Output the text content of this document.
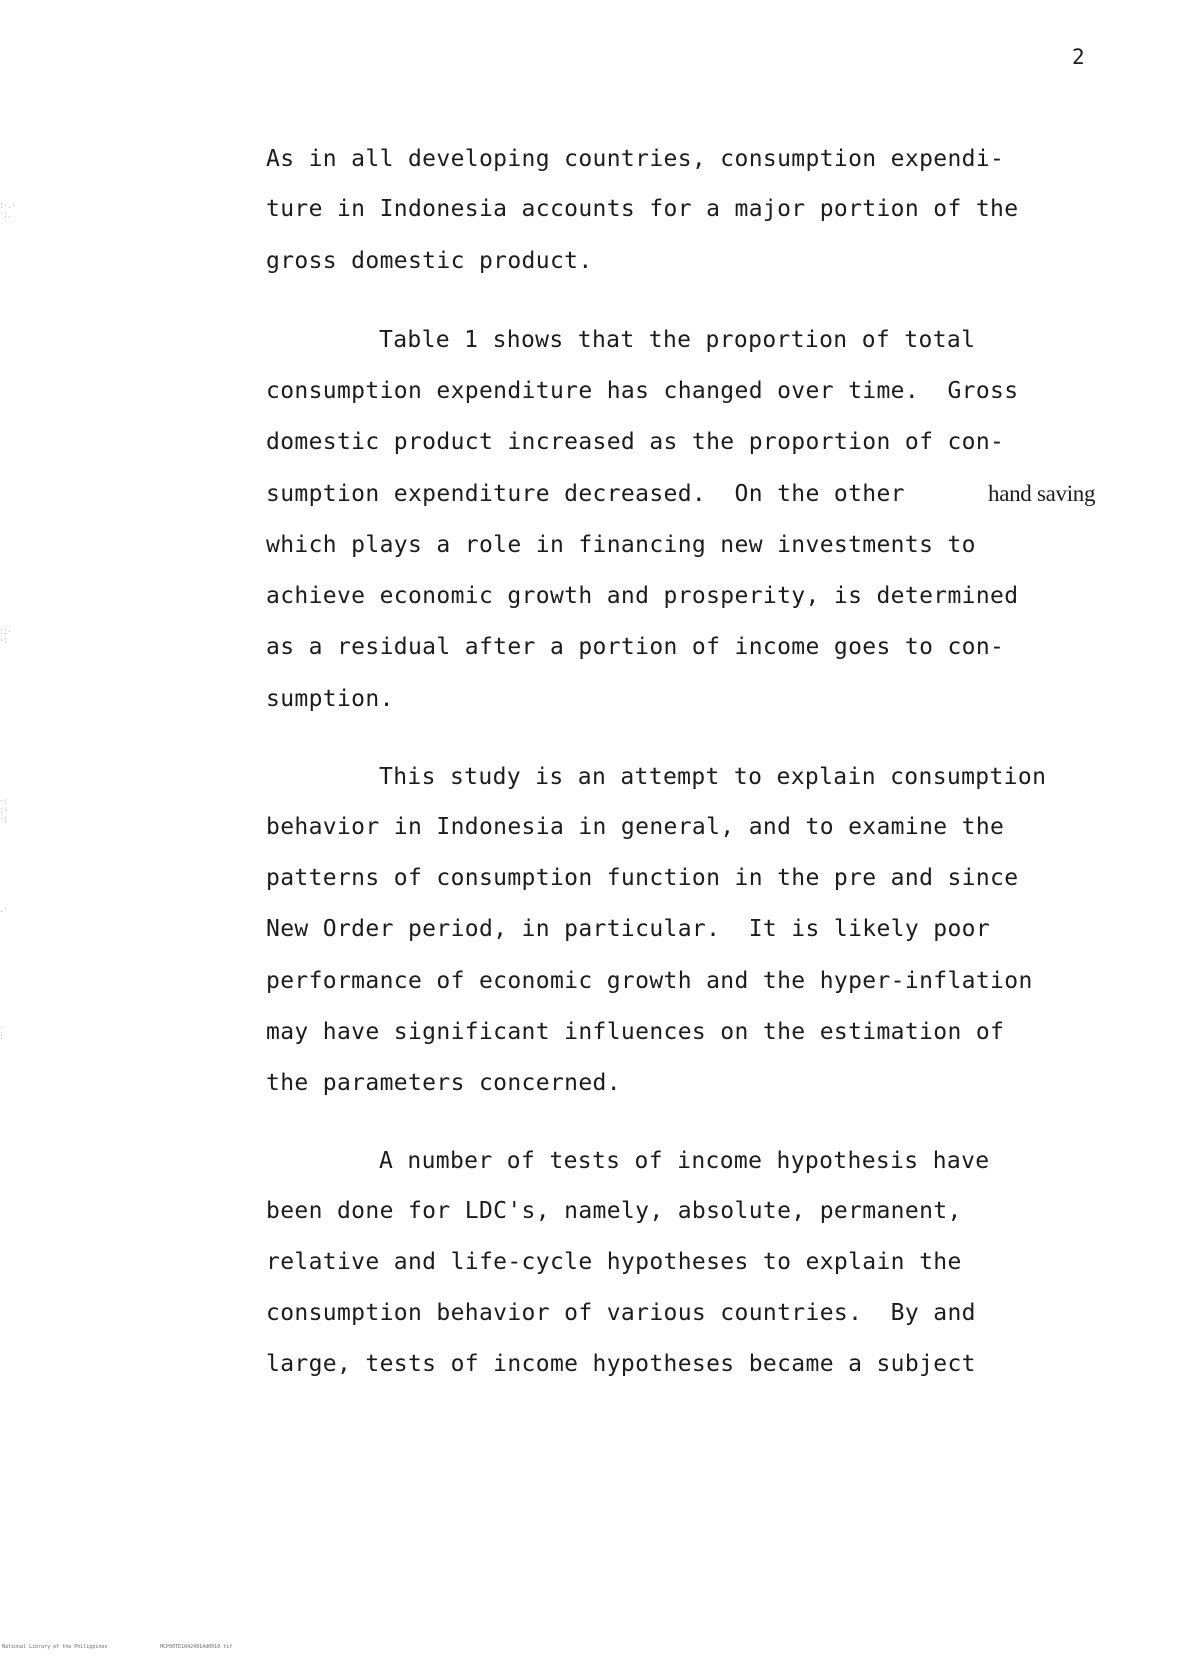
2
As in all developing countries, consumption expendi-
ture in Indonesia accounts for a major portion of the
gross domestic product.
Table 1 shows that the proportion of total
consumption expenditure has changed over time.  Gross
domestic product increased as the proportion of con-
sumption expenditure decreased.  On the other	hand saving
which plays a role in financing new investments to
achieve economic growth and prosperity, is determined
as a residual after a portion of income goes to con-
sumption.
This study is an attempt to explain consumption
behavior in Indonesia in general, and to examine the
patterns of consumption function in the pre and since
New Order period, in particular.  It is likely poor
performance of economic growth and the hyper-inflation
may have significant influences on the estimation of
the parameters concerned.
A number of tests of income hypothesis have
been done for LDC's, namely, absolute, permanent,
relative and life-cycle hypotheses to explain the
consumption behavior of various countries.  By and
large, tests of income hypotheses became a subject
:·.·
·:.
::·
·:
·:
:·
·:
.·
·
:
National Library of the Philippines	HCP00TD10424914d0010 tif
